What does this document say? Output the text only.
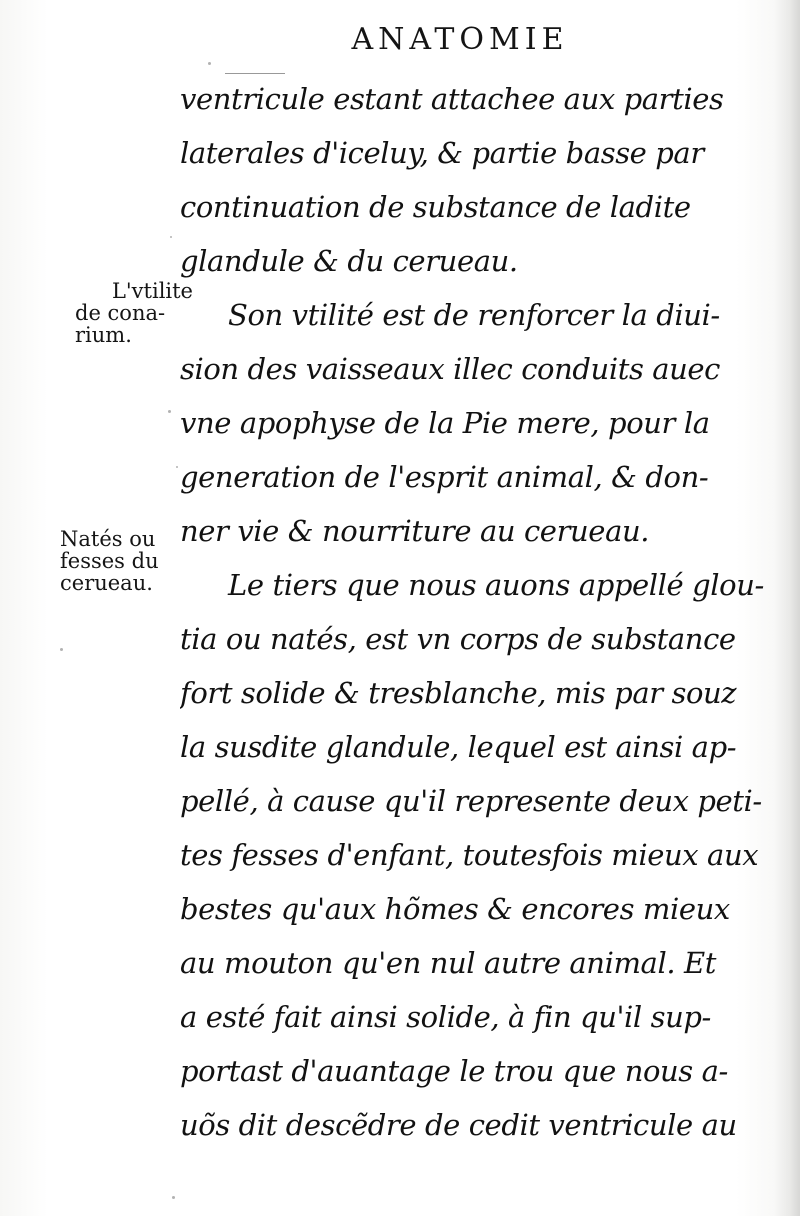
ANATOMIE
ventricule estant attachee aux parties
laterales d'iceluy, & partie basse par
continuation de substance de ladite
glandule & du cerueau.
Son vtilité est de renforcer la diui-
sion des vaisseaux illec conduits auec
vne apophyse de la Pie mere, pour la
generation de l'esprit animal, & don-
ner vie & nourriture au cerueau.
Le tiers que nous auons appellé glou-
tia ou natés, est vn corps de substance
fort solide & tresblanche, mis par souz
la susdite glandule, lequel est ainsi ap-
pellé, à cause qu'il represente deux peti-
tes fesses d'enfant, toutesfois mieux aux
bestes qu'aux hõmes & encores mieux
au mouton qu'en nul autre animal. Et
a esté fait ainsi solide, à fin qu'il sup-
portast d'auantage le trou que nous a-
uõs dit descẽdre de cedit ventricule au
L'vtilite
de cona-
rium.
Natés ou
fesses du
cerueau.
